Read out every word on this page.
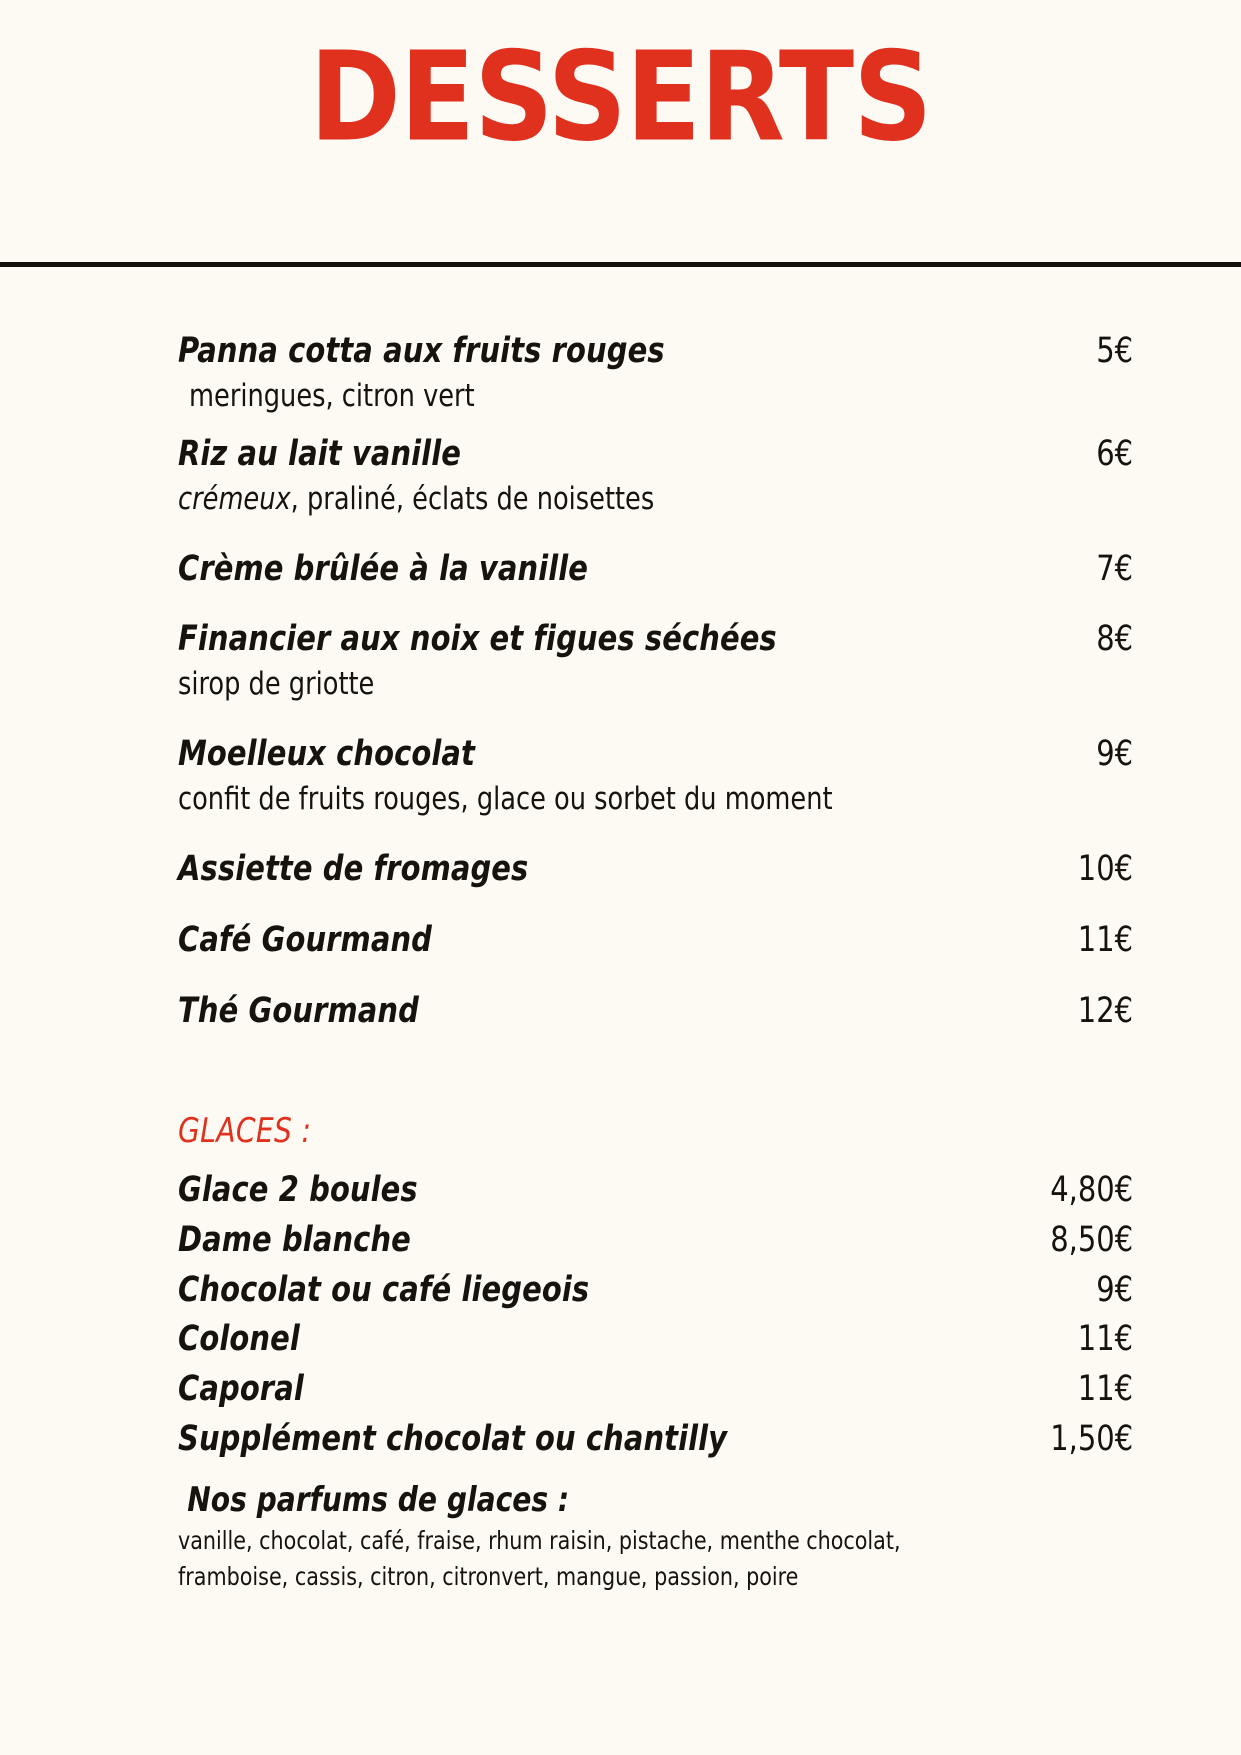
DESSERTS
Panna cotta aux fruits rouges	5€
meringues, citron vert
Riz au lait vanille	6€
crémeux, praliné, éclats de noisettes
Crème brûlée à la vanille	7€
Financier aux noix et figues séchées	8€
sirop de griotte
Moelleux chocolat	9€
confit de fruits rouges, glace ou sorbet du moment
Assiette de fromages	10€
Café Gourmand	11€
Thé Gourmand	12€
GLACES :
Glace 2 boules	4,80€
Dame blanche	8,50€
Chocolat ou café liegeois	9€
Colonel	11€
Caporal	11€
Supplément chocolat ou chantilly	1,50€
Nos parfums de glaces :
vanille, chocolat, café, fraise, rhum raisin, pistache, menthe chocolat,
framboise, cassis, citron, citronvert, mangue, passion, poire
